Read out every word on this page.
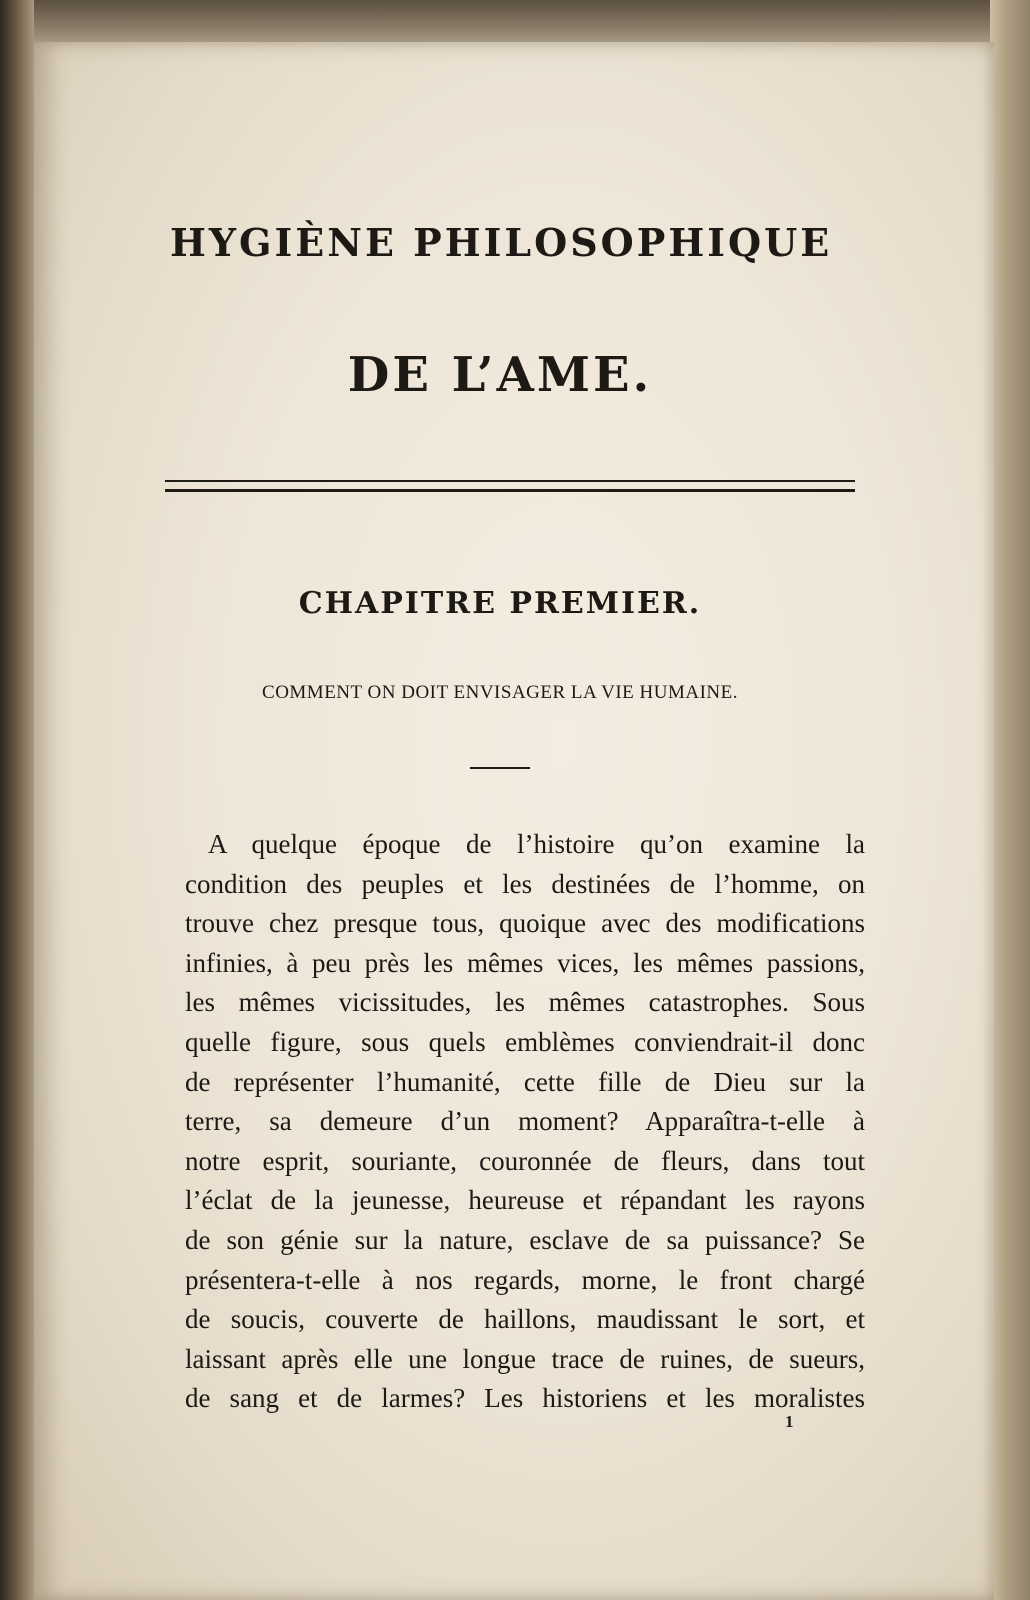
HYGIÈNE PHILOSOPHIQUE
DE L’AME.
CHAPITRE PREMIER.
COMMENT ON DOIT ENVISAGER LA VIE HUMAINE.
A quelque époque de l’histoire qu’on examine la
condition des peuples et les destinées de l’homme, on
trouve chez presque tous, quoique avec des modifications
infinies, à peu près les mêmes vices, les mêmes passions,
les mêmes vicissitudes, les mêmes catastrophes. Sous
quelle figure, sous quels emblèmes conviendrait-il donc
de représenter l’humanité, cette fille de Dieu sur la
terre, sa demeure d’un moment? Apparaîtra-t-elle à
notre esprit, souriante, couronnée de fleurs, dans tout
l’éclat de la jeunesse, heureuse et répandant les rayons
de son génie sur la nature, esclave de sa puissance? Se
présentera-t-elle à nos regards, morne, le front chargé
de soucis, couverte de haillons, maudissant le sort, et
laissant après elle une longue trace de ruines, de sueurs,
de sang et de larmes? Les historiens et les moralistes
1
